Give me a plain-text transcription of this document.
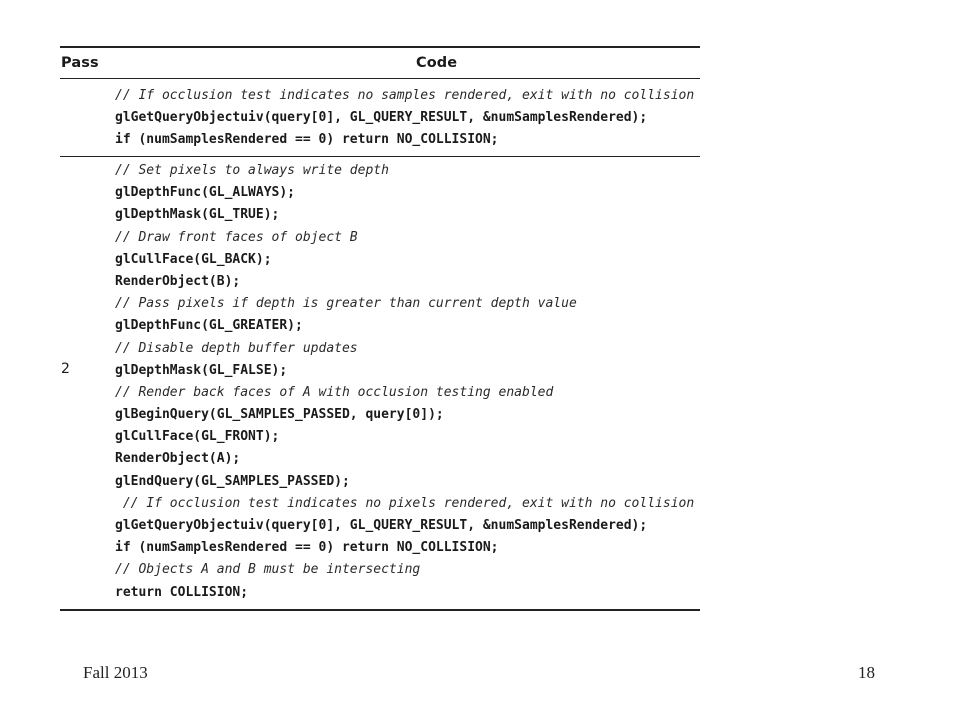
Pass	Code
// If occlusion test indicates no samples rendered, exit with no collision
glGetQueryObjectuiv(query[0], GL_QUERY_RESULT, &numSamplesRendered);
if (numSamplesRendered == 0) return NO_COLLISION;
2
// Set pixels to always write depth
glDepthFunc(GL_ALWAYS);
glDepthMask(GL_TRUE);
// Draw front faces of object B
glCullFace(GL_BACK);
RenderObject(B);
// Pass pixels if depth is greater than current depth value
glDepthFunc(GL_GREATER);
// Disable depth buffer updates
glDepthMask(GL_FALSE);
// Render back faces of A with occlusion testing enabled
glBeginQuery(GL_SAMPLES_PASSED, query[0]);
glCullFace(GL_FRONT);
RenderObject(A);
glEndQuery(GL_SAMPLES_PASSED);
// If occlusion test indicates no pixels rendered, exit with no collision
glGetQueryObjectuiv(query[0], GL_QUERY_RESULT, &numSamplesRendered);
if (numSamplesRendered == 0) return NO_COLLISION;
// Objects A and B must be intersecting
return COLLISION;
Fall 2013	18
